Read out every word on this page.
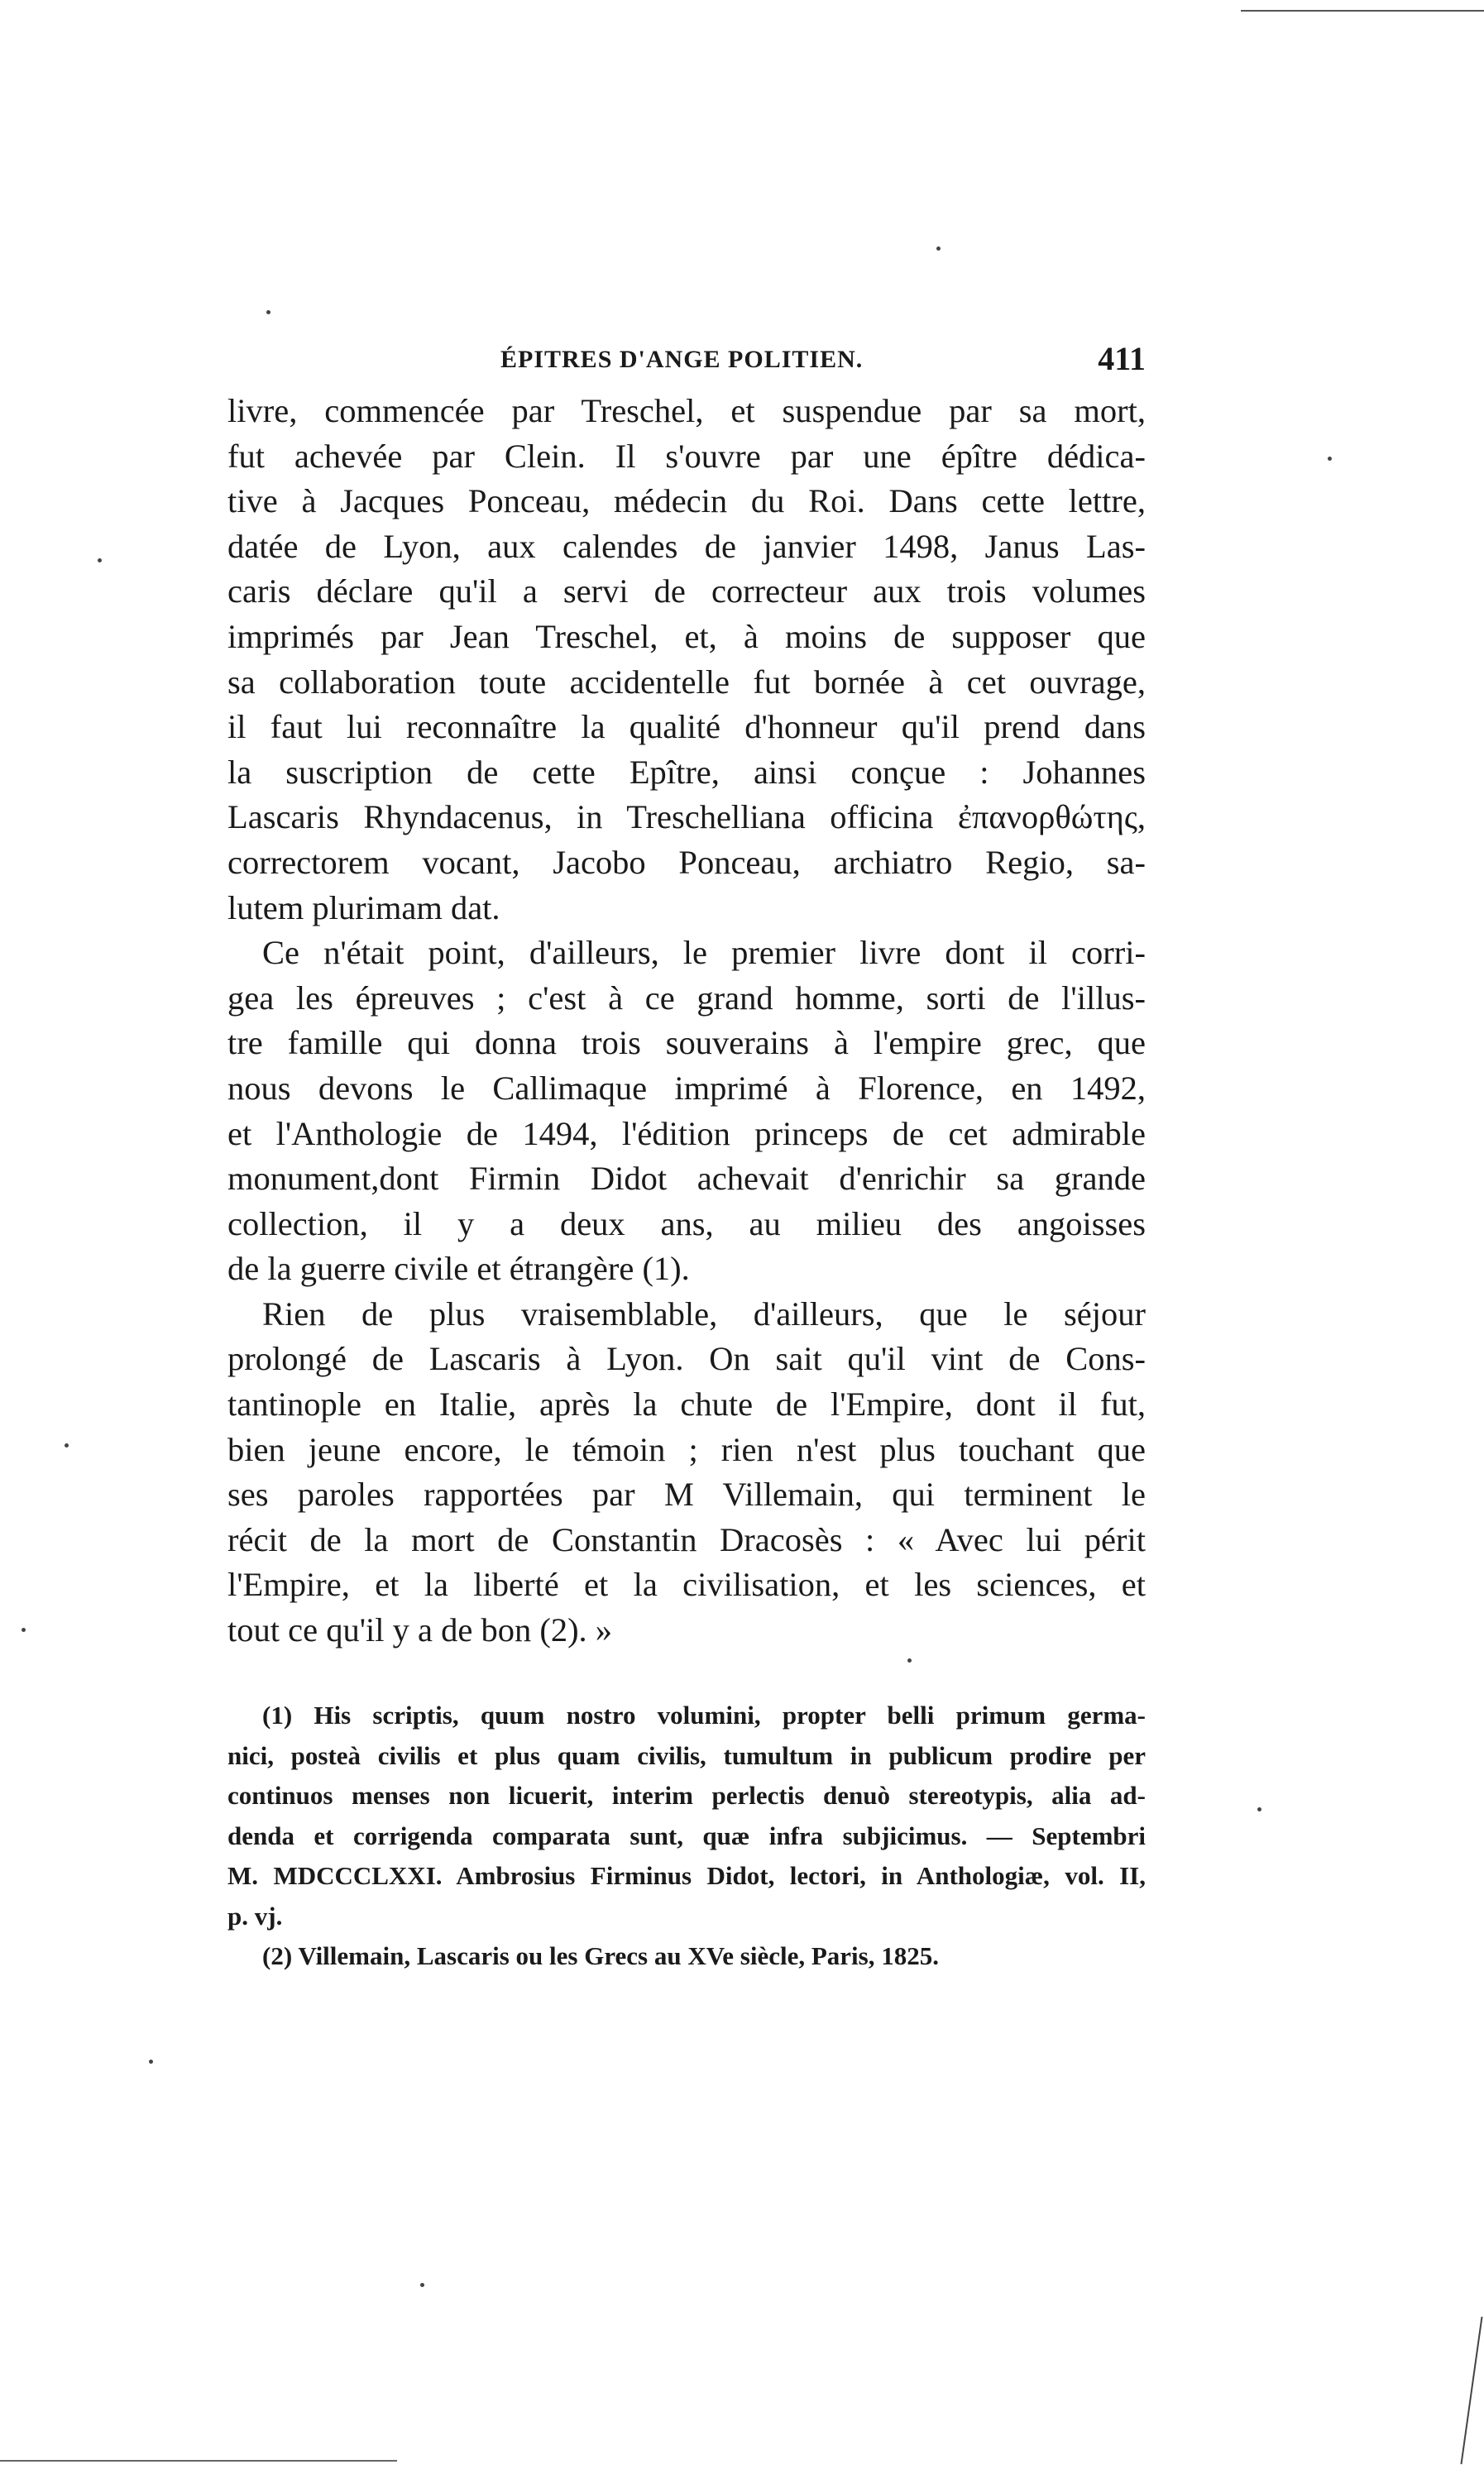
ÉPITRES D'ANGE POLITIEN.	411
livre, commencée par Treschel, et suspendue par sa mort,
fut achevée par Clein. Il s'ouvre par une épître dédica-
tive à Jacques Ponceau, médecin du Roi. Dans cette lettre,
datée de Lyon, aux calendes de janvier 1498, Janus Las-
caris déclare qu'il a servi de correcteur aux trois volumes
imprimés par Jean Treschel, et, à moins de supposer que
sa collaboration toute accidentelle fut bornée à cet ouvrage,
il faut lui reconnaître la qualité d'honneur qu'il prend dans
la suscription de cette Epître, ainsi conçue : Johannes
Lascaris Rhyndacenus, in Treschelliana officina ἐπανορθώτης,
correctorem vocant, Jacobo Ponceau, archiatro Regio, sa-
lutem plurimam dat.
Ce n'était point, d'ailleurs, le premier livre dont il corri-
gea les épreuves ; c'est à ce grand homme, sorti de l'illus-
tre famille qui donna trois souverains à l'empire grec, que
nous devons le Callimaque imprimé à Florence, en 1492,
et l'Anthologie de 1494, l'édition princeps de cet admirable
monument,dont Firmin Didot achevait d'enrichir sa grande
collection, il y a deux ans, au milieu des angoisses
de la guerre civile et étrangère (1).
Rien de plus vraisemblable, d'ailleurs, que le séjour
prolongé de Lascaris à Lyon. On sait qu'il vint de Cons-
tantinople en Italie, après la chute de l'Empire, dont il fut,
bien jeune encore, le témoin ; rien n'est plus touchant que
ses paroles rapportées par M Villemain, qui terminent le
récit de la mort de Constantin Dracosès : « Avec lui périt
l'Empire, et la liberté et la civilisation, et les sciences, et
tout ce qu'il y a de bon (2). »
(1) His scriptis, quum nostro volumini, propter belli primum germa-
nici, posteà civilis et plus quam civilis, tumultum in publicum prodire per
continuos menses non licuerit, interim perlectis denuò stereotypis, alia ad-
denda et corrigenda comparata sunt, quæ infra subjicimus. — Septembri
M. MDCCCLXXI. Ambrosius Firminus Didot, lectori, in Anthologiæ, vol. II,
p. vj.
(2) Villemain, Lascaris ou les Grecs au XVe siècle, Paris, 1825.
